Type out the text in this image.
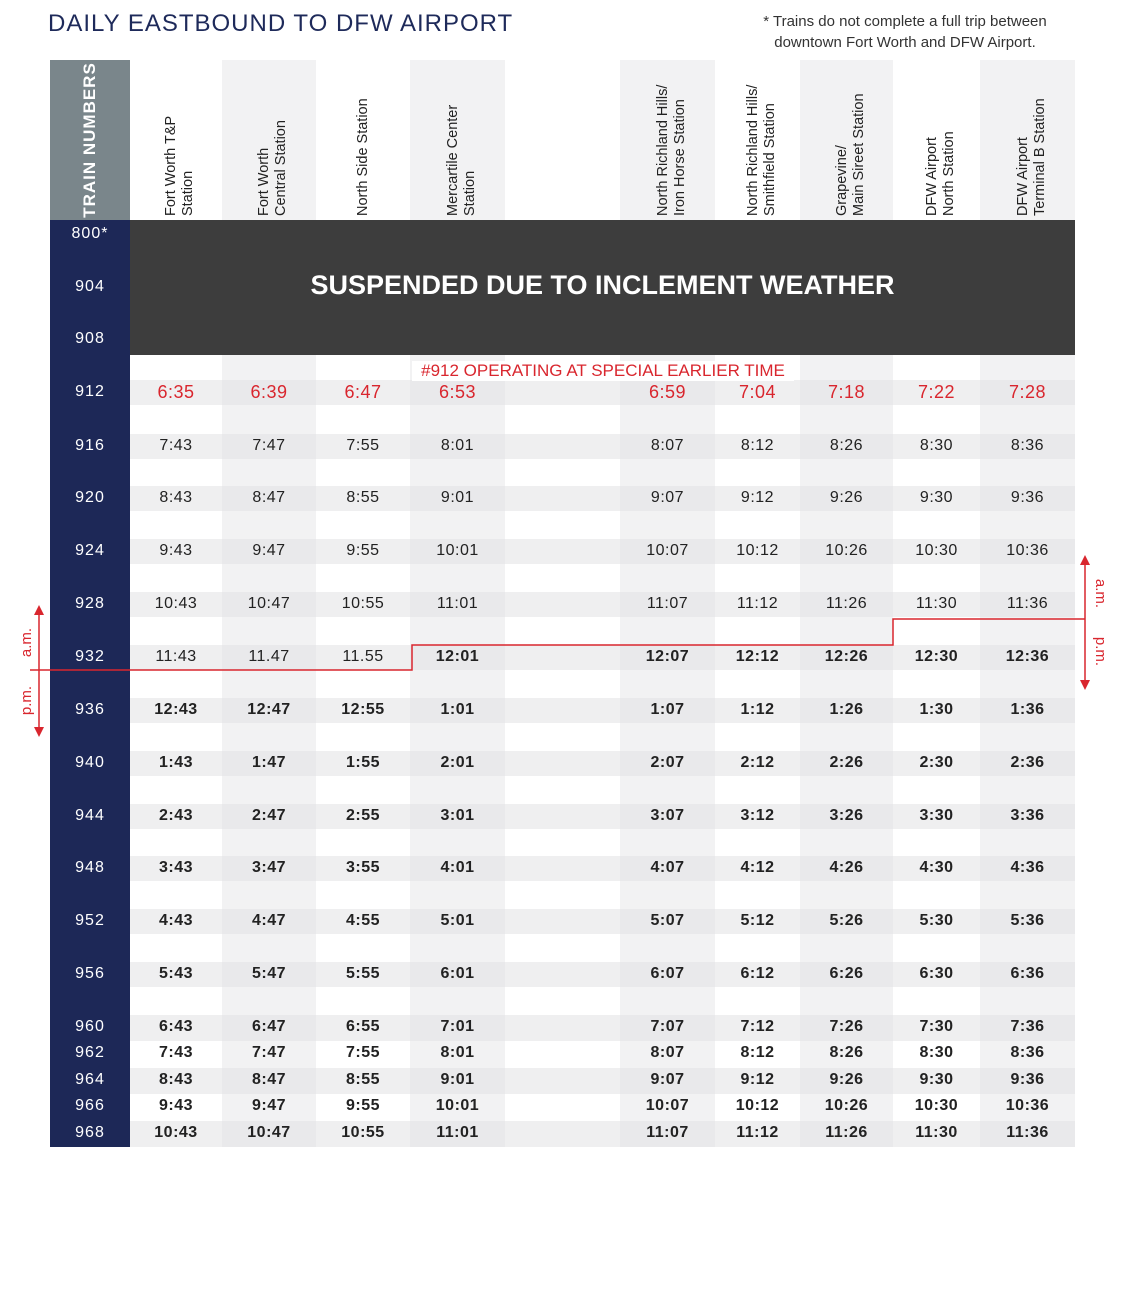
DAILY EASTBOUND TO DFW AIRPORT	* Trains do not complete a full trip between
downtown Fort Worth and DFW Airport.
TRAIN NUMBERS	Fort Worth T&P Station	Fort Worth Central Station	North Side Station	Mercartile Center Station	North Richland Hills/ Iron Horse Station	North Richland Hills/ Smithfield Station	Grapevine/ Main Sireet Station	DFW Airport North Station	DFW Airport Terminal B Station
SUSPENDED DUE TO INCLEMENT WEATHER
800*
904
908
#912 OPERATING AT SPECIAL EARLIER TIME
912	6:35	6:39	6:47	6:53	6:59	7:04	7:18	7:22	7:28
916	7:43	7:47	7:55	8:01	8:07	8:12	8:26	8:30	8:36
920	8:43	8:47	8:55	9:01	9:07	9:12	9:26	9:30	9:36
924	9:43	9:47	9:55	10:01	10:07	10:12	10:26	10:30	10:36
928	10:43	10:47	10:55	11:01	11:07	11:12	11:26	11:30	11:36
932	11:43	11.47	11.55	12:01	12:07	12:12	12:26	12:30	12:36
936	12:43	12:47	12:55	1:01	1:07	1:12	1:26	1:30	1:36
940	1:43	1:47	1:55	2:01	2:07	2:12	2:26	2:30	2:36
944	2:43	2:47	2:55	3:01	3:07	3:12	3:26	3:30	3:36
948	3:43	3:47	3:55	4:01	4:07	4:12	4:26	4:30	4:36
952	4:43	4:47	4:55	5:01	5:07	5:12	5:26	5:30	5:36
956	5:43	5:47	5:55	6:01	6:07	6:12	6:26	6:30	6:36
960	6:43	6:47	6:55	7:01	7:07	7:12	7:26	7:30	7:36
962	7:43	7:47	7:55	8:01	8:07	8:12	8:26	8:30	8:36
964	8:43	8:47	8:55	9:01	9:07	9:12	9:26	9:30	9:36
966	9:43	9:47	9:55	10:01	10:07	10:12	10:26	10:30	10:36
968	10:43	10:47	10:55	11:01	11:07	11:12	11:26	11:30	11:36
a.m.
p.m.
a.m.
p.m.
